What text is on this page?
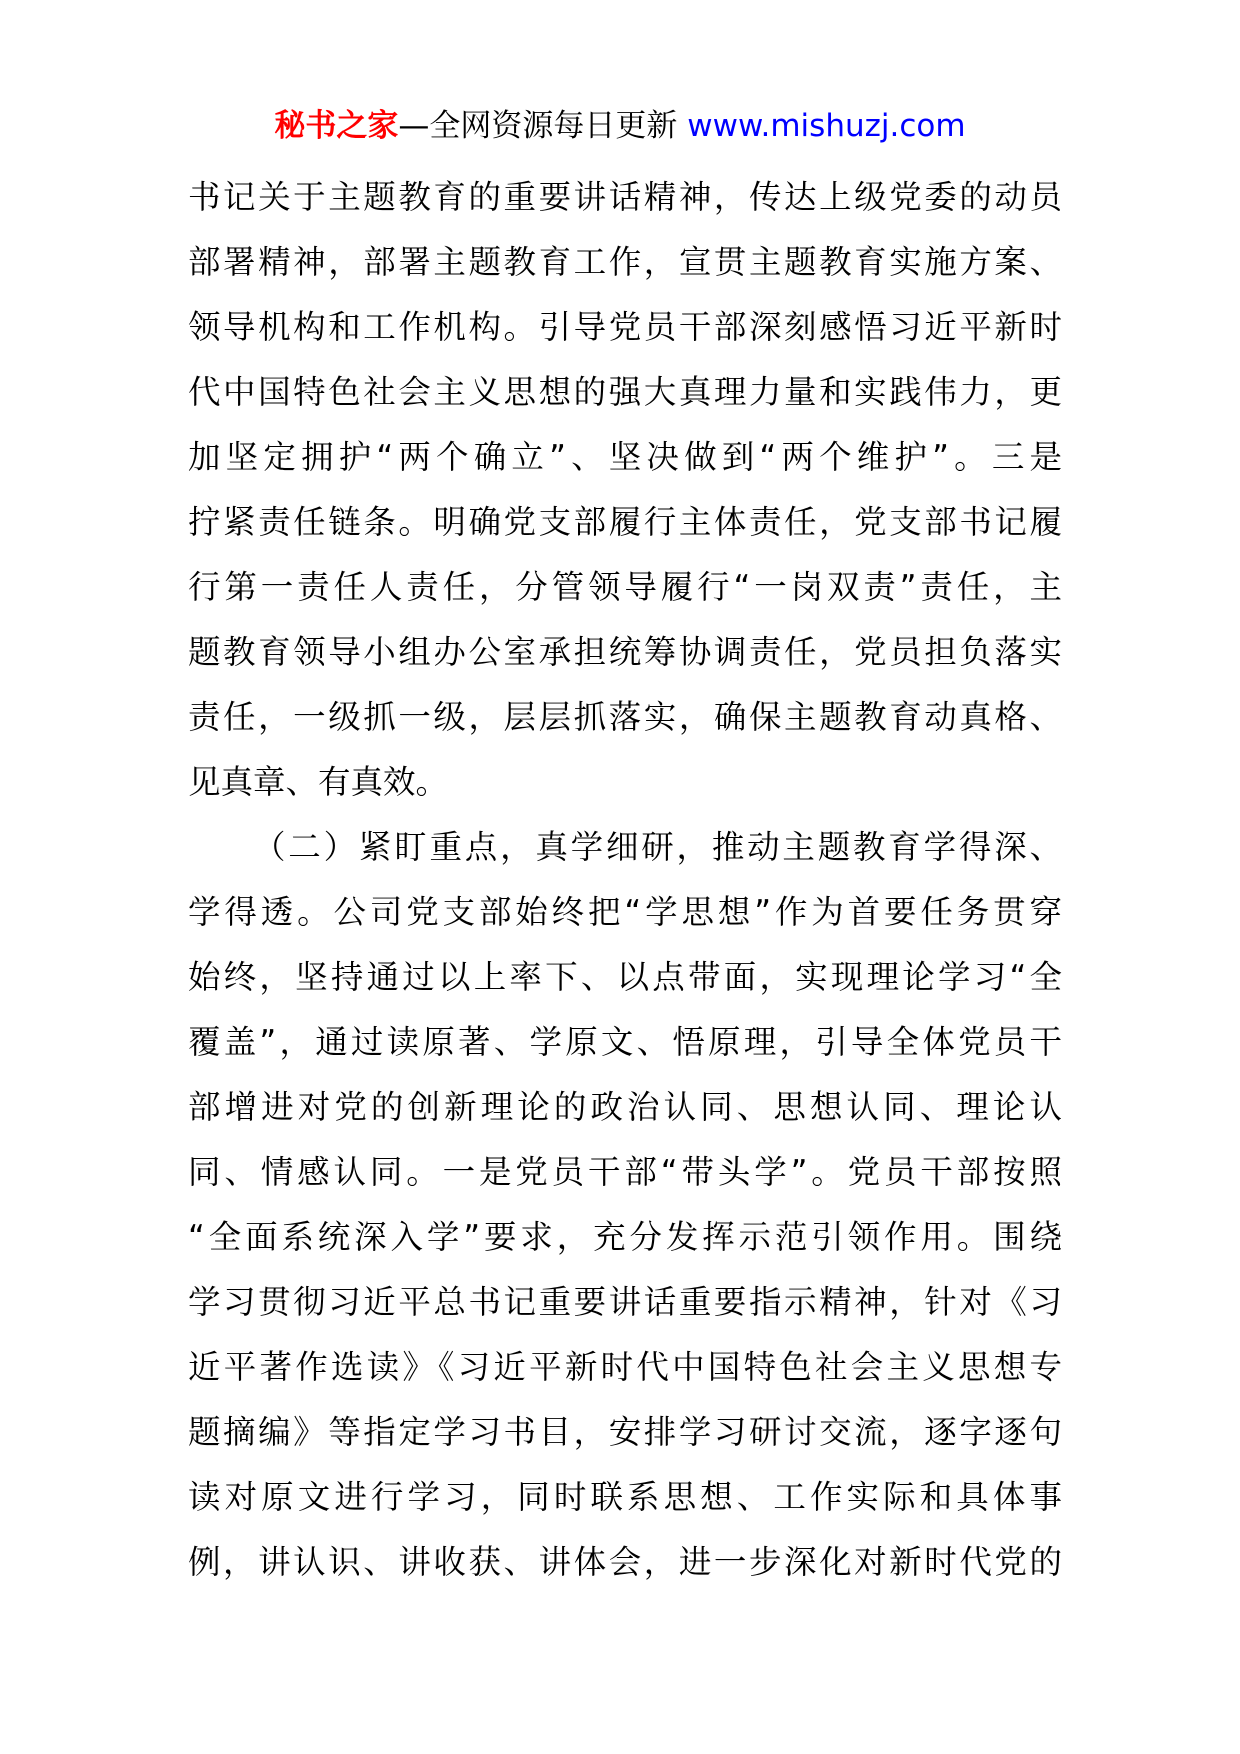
秘书之家—全网资源每日更新 www.mishuzj.com
书记关于主题教育的重要讲话精神，传达上级党委的动员
部署精神，部署主题教育工作，宣贯主题教育实施方案、
领导机构和工作机构。引导党员干部深刻感悟习近平新时
代中国特色社会主义思想的强大真理力量和实践伟力，更
加坚定拥护“两个确立”、坚决做到“两个维护”。三是
拧紧责任链条。明确党支部履行主体责任，党支部书记履
行第一责任人责任，分管领导履行“一岗双责”责任，主
题教育领导小组办公室承担统筹协调责任，党员担负落实
责任，一级抓一级，层层抓落实，确保主题教育动真格、
见真章、有真效。
（二）紧盯重点，真学细研，推动主题教育学得深、
学得透。公司党支部始终把“学思想”作为首要任务贯穿
始终，坚持通过以上率下、以点带面，实现理论学习“全
覆盖”，通过读原著、学原文、悟原理，引导全体党员干
部增进对党的创新理论的政治认同、思想认同、理论认
同、情感认同。一是党员干部“带头学”。党员干部按照
“全面系统深入学”要求，充分发挥示范引领作用。围绕
学习贯彻习近平总书记重要讲话重要指示精神，针对《习
近平著作选读》《习近平新时代中国特色社会主义思想专
题摘编》等指定学习书目，安排学习研讨交流，逐字逐句
读对原文进行学习，同时联系思想、工作实际和具体事
例，讲认识、讲收获、讲体会，进一步深化对新时代党的
